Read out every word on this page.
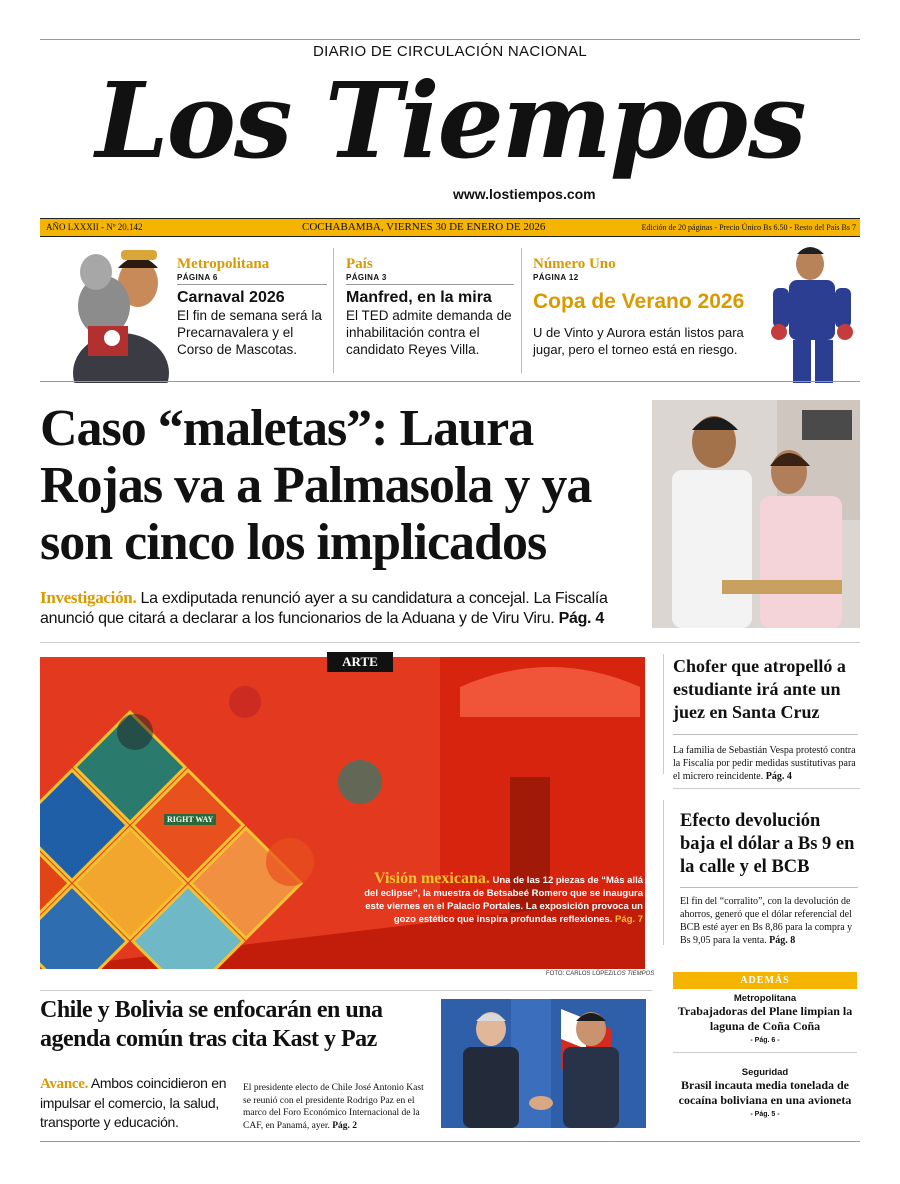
DIARIO DE CIRCULACIÓN NACIONAL
Los Tiempos
www.lostiempos.com
AÑO LXXXII - Nº 20.142	COCHABAMBA, VIERNES 30 DE ENERO DE 2026	Edición de 20 páginas - Precio Único Bs 6.50 - Resto del País Bs 7
Metropolitana
PÁGINA 6
Carnaval 2026
El fin de semana será la Precarnavalera y el Corso de Mascotas.
País
PÁGINA 3
Manfred, en la mira
El TED admite demanda de inhabilitación contra el candidato Reyes Villa.
Número Uno
PÁGINA 12
Copa de Verano 2026
U de Vinto y Aurora están listos para jugar, pero el torneo está en riesgo.
Caso “maletas”: Laura Rojas va a Palmasola y ya son cinco los implicados
Investigación. La exdiputada renunció ayer a su candidatura a concejal. La Fiscalía anunció que citará a declarar a los funcionarios de la Aduana y de Viru Viru. Pág. 4
RIGHT WAY
ARTE
Visión mexicana. Una de las 12 piezas de “Más allá del eclipse”, la muestra de Betsabeé Romero que se inaugura este viernes en el Palacio Portales. La exposición provoca un gozo estético que inspira profundas reflexiones. Pág. 7
FOTO: CARLOS LÓPEZ/LOS TIEMPOS
Chofer que atropelló a estudiante irá ante un juez en Santa Cruz
La familia de Sebastián Vespa protestó contra la Fiscalía por pedir medidas sustitutivas para el micrero reincidente. Pág. 4
Efecto devolución baja el dólar a Bs 9 en la calle y el BCB
El fin del “corralito”, con la devolución de ahorros, generó que el dólar referencial del BCB esté ayer en Bs 8,86 para la compra y Bs 9,05 para la venta. Pág. 8
ADEMÁS
Metropolitana
Trabajadoras del Plane limpian la laguna de Coña Coña
- Pág. 6 -
Seguridad
Brasil incauta media tonelada de cocaína boliviana en una avioneta
- Pág. 5 -
Chile y Bolivia se enfocarán en una agenda común tras cita Kast y Paz
Avance. Ambos coincidieron en impulsar el comercio, la salud, transporte y educación.
El presidente electo de Chile José Antonio Kast se reunió con el presidente Rodrigo Paz en el marco del Foro Económico Internacional de la CAF, en Panamá, ayer. Pág. 2
